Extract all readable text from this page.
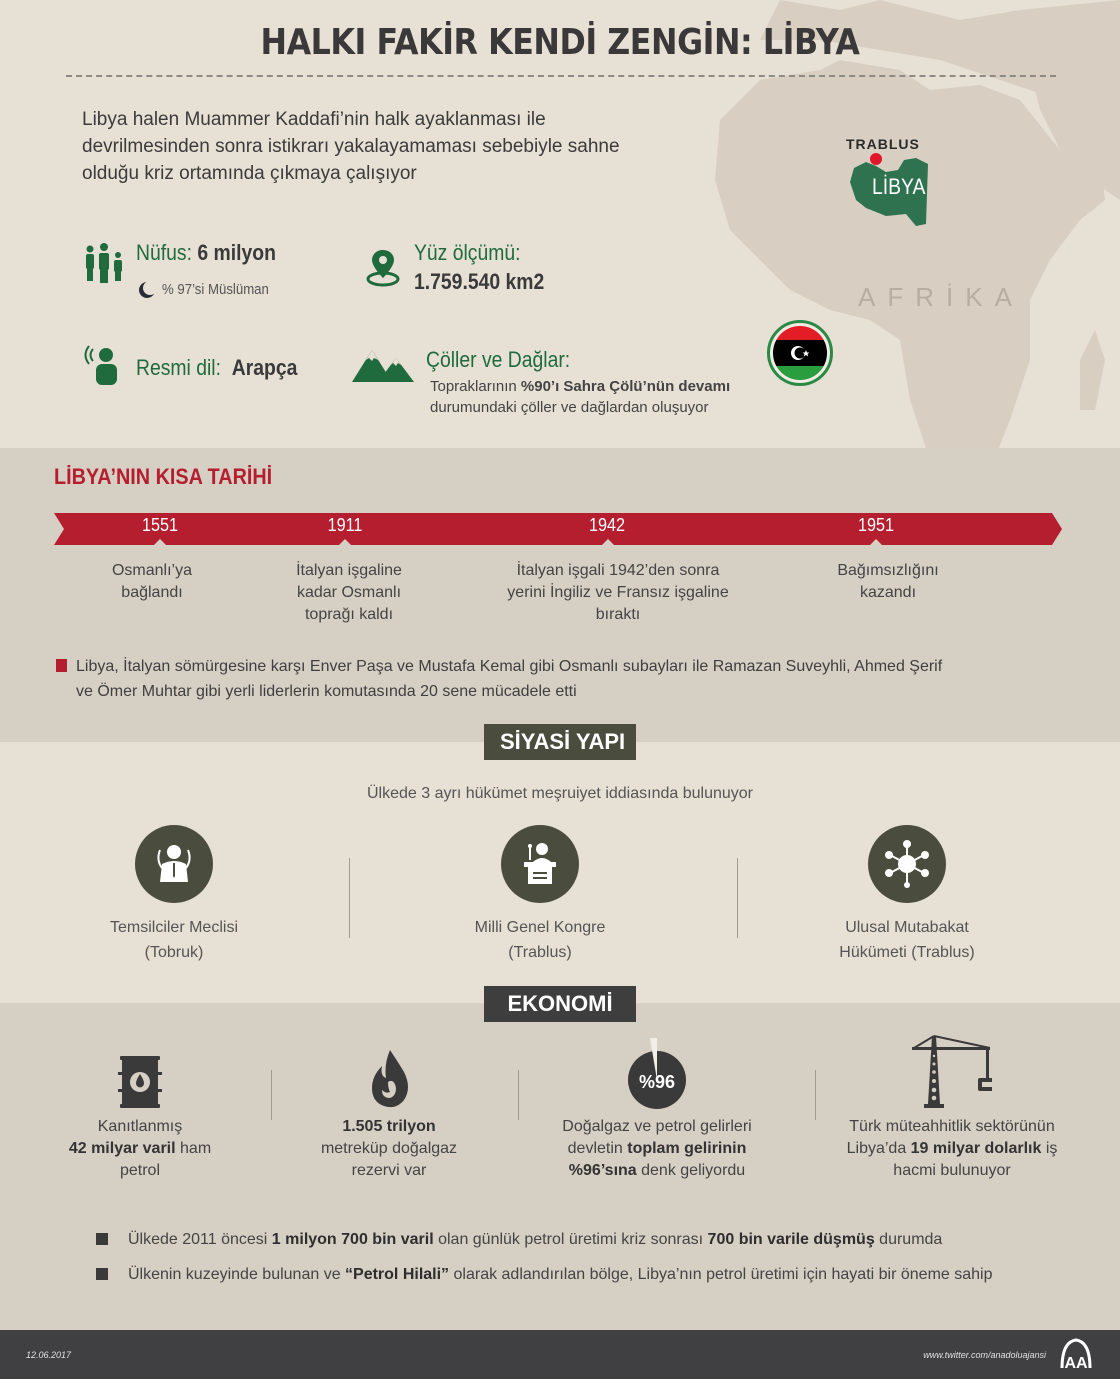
TRABLUS
LİBYA
AFRİKA
HALKI FAKİR KENDİ ZENGİN: LİBYA
Libya halen Muammer Kaddafi’nin halk ayaklanması ile devrilmesinden sonra istikrarı yakalayamaması sebebiyle sahne olduğu kriz ortamında çıkmaya çalışıyor
Nüfus: 6 milyon
% 97’si Müslüman
Yüz ölçümü:
1.759.540 km2
Resmi dil: Arapça	Çöller ve Dağlar:
Topraklarının %90’ı Sahra Çölü’nün devamı
durumundaki çöller ve dağlardan oluşuyor
LİBYA’NIN KISA TARİHİ
1551	1911	1942	1951
Osmanlı’ya
bağlandı
İtalyan işgaline
kadar Osmanlı
toprağı kaldı
İtalyan işgali 1942’den sonra
yerini İngiliz ve Fransız işgaline
bıraktı
Bağımsızlığını
kazandı

Libya, İtalyan sömürgesine karşı Enver Paşa ve Mustafa Kemal gibi Osmanlı subayları ile Ramazan Suveyhli, Ahmed Şerif

ve Ömer Muhtar gibi yerli liderlerin komutasında 20 sene mücadele etti

SİYASİ YAPI
Ülkede 3 ayrı hükümet meşruiyet iddiasında bulunuyor
Temsilciler Meclisi
(Tobruk)
Milli Genel Kongre
(Trablus)
Ulusal Mutabakat
Hükümeti (Trablus)
EKONOMİ
Kanıtlanmış
42 milyar varil ham
petrol
1.505 trilyon
metreküp doğalgaz
rezervi var
%96
Doğalgaz ve petrol gelirleri
devletin toplam gelirinin
%96’sına denk geliyordu
Türk müteahhitlik sektörünün
Libya’da 19 milyar dolarlık iş
hacmi bulunuyor
Ülkede 2011 öncesi 1 milyon 700 bin varil olan günlük petrol üretimi kriz sonrası 700 bin varile düşmüş durumda
Ülkenin kuzeyinde bulunan ve “Petrol Hilali” olarak adlandırılan bölge, Libya’nın petrol üretimi için hayati bir öneme sahip
12.06.2017	www.twitter.com/anadoluajansi AA
